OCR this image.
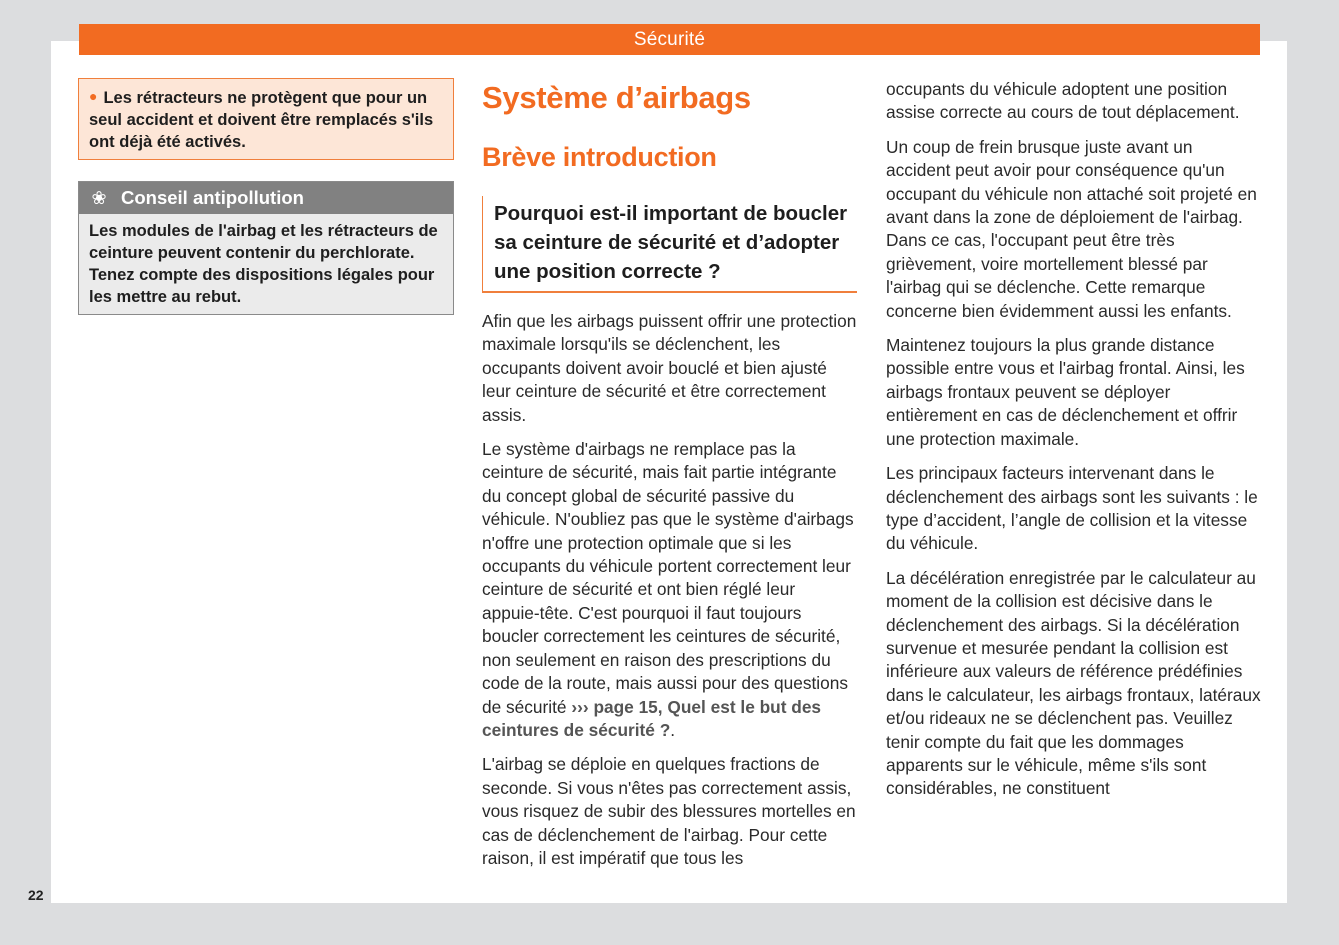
Sécurité
22
● Les rétracteurs ne protègent que pour un seul accident et doivent être remplacés s'ils ont déjà été activés.
❀ Conseil antipollution
Les modules de l'airbag et les rétracteurs de ceinture peuvent contenir du perchlorate. Tenez compte des dispositions légales pour les mettre au rebut.
Système d’airbags
Brève introduction
Pourquoi est-il important de boucler sa ceinture de sécurité et d’adopter une position correcte ?

Afin que les airbags puissent offrir une protection maximale lorsqu'ils se déclenchent, les occupants doivent avoir bouclé et bien ajusté leur ceinture de sécurité et être correctement assis.

Le système d'airbags ne remplace pas la ceinture de sécurité, mais fait partie intégrante du concept global de sécurité passive du véhicule. N'oubliez pas que le système d'airbags n'offre une protection optimale que si les occupants du véhicule portent correctement leur ceinture de sécurité et ont bien réglé leur appuie-tête. C'est pourquoi il faut toujours boucler correctement les ceintures de sécurité, non seulement en raison des prescriptions du code de la route, mais aussi pour des questions de sécurité ››› page 15, Quel est le but des ceintures de sécurité ?.

L'airbag se déploie en quelques fractions de seconde. Si vous n'êtes pas correctement assis, vous risquez de subir des blessures mortelles en cas de déclenchement de l'airbag. Pour cette raison, il est impératif que tous les

occupants du véhicule adoptent une position assise correcte au cours de tout déplacement.

Un coup de frein brusque juste avant un accident peut avoir pour conséquence qu'un occupant du véhicule non attaché soit projeté en avant dans la zone de déploiement de l'airbag. Dans ce cas, l'occupant peut être très grièvement, voire mortellement blessé par l'airbag qui se déclenche. Cette remarque concerne bien évidemment aussi les enfants.

Maintenez toujours la plus grande distance possible entre vous et l'airbag frontal. Ainsi, les airbags frontaux peuvent se déployer entièrement en cas de déclenchement et offrir une protection maximale.

Les principaux facteurs intervenant dans le déclenchement des airbags sont les suivants : le type d’accident, l’angle de collision et la vitesse du véhicule.

La décélération enregistrée par le calculateur au moment de la collision est décisive dans le déclenchement des airbags. Si la décélération survenue et mesurée pendant la collision est inférieure aux valeurs de référence prédéfinies dans le calculateur, les airbags frontaux, latéraux et/ou rideaux ne se déclenchent pas. Veuillez tenir compte du fait que les dommages apparents sur le véhicule, même s'ils sont considérables, ne constituent
